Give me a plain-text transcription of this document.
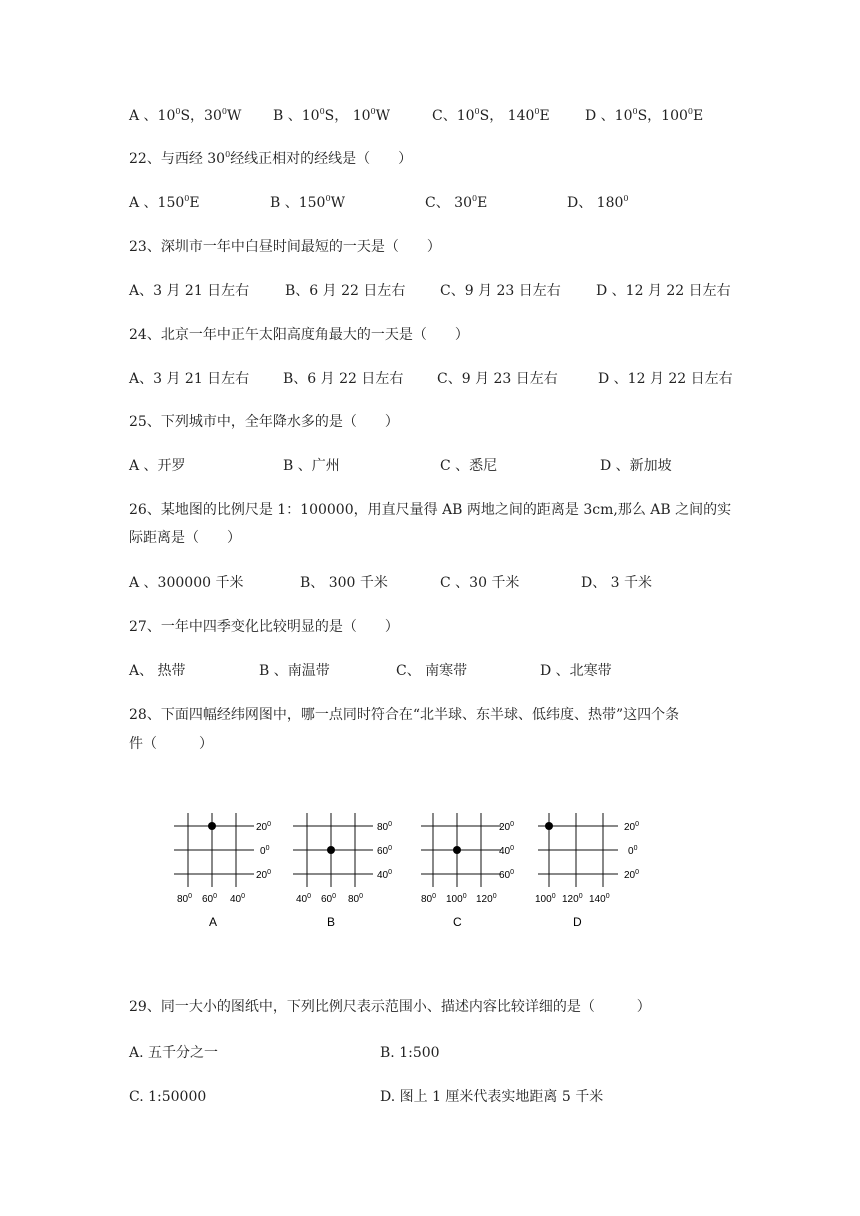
A 、$10^0S$，$30^0W$ B 、$10^0S$， $10^0W$	C、$10^0S$， $140^0E$	D 、$10^0S$，$100^0E$
22、与西经 $30^0$经线正相对的经线是（　　）
A 、$150^0E$	B 、$150^0W$	C、 $30^0E$	D、 $180^0$
23、深圳市一年中白昼时间最短的一天是（　　）
A、3 月 21 日左右	B、6 月 22 日左右 C、9 月 23 日左右	D 、12 月 22 日左右
24、北京一年中正午太阳高度角最大的一天是（　　）
A、3 月 21 日左右 B、6 月 22 日左右 C、9 月 23 日左右	D 、12 月 22 日左右
25、下列城市中，全年降水多的是（　　）
A 、开罗	B 、广州	C 、悉尼	D 、新加坡
26、某地图的比例尺是 1：100000，用直尺量得 AB 两地之间的距离是 3cm,那么 AB 之间的实
际距离是（　　）
A 、300000 千米	B、 300 千米	C 、30 千米	D、 3 千米
27、一年中四季变化比较明显的是（　　）
A、 热带	B 、南温带	C、 南寒带	D 、北寒带
28、下面四幅经纬网图中，哪一点同时符合在“北半球、东半球、低纬度、热带”这四个条
件（　　　）
$20^0$
$0^0$
$20^0$
$80^0$ $60^0$ $40^0$
A
$80^0$
$60^0$
$40^0$
$40^0$ $60^0$ $80^0$
B
$20^0$
$40^0$
$60^0$
$80^0$ $100^0$ $120^0$
C
$20^0$
$0^0$
$20^0$
$100^0$ $120^0$ $140^0$
D
29、同一大小的图纸中，下列比例尺表示范围小、描述内容比较详细的是（　　　）
A. 五千分之一	B. 1:500
C. 1:50000	D. 图上 1 厘米代表实地距离 5 千米
